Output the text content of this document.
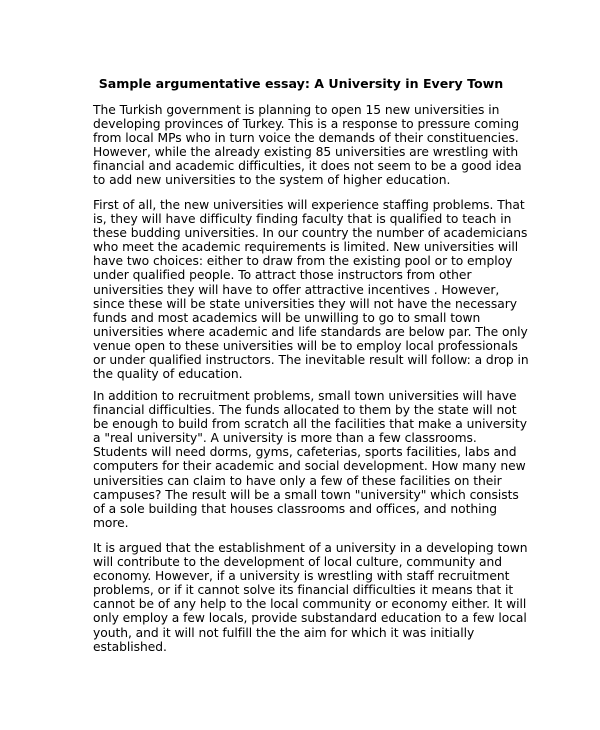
Sample argumentative essay: A University in Every Town
The Turkish government is planning to open 15 new universities in
developing provinces of Turkey. This is a response to pressure coming
from local MPs who in turn voice the demands of their constituencies.
However, while the already existing 85 universities are wrestling with
financial and academic difficulties, it does not seem to be a good idea
to add new universities to the system of higher education.
First of all, the new universities will experience staffing problems. That
is, they will have difficulty finding faculty that is qualified to teach in
these budding universities. In our country the number of academicians
who meet the academic requirements is limited. New universities will
have two choices: either to draw from the existing pool or to employ
under qualified people. To attract those instructors from other
universities they will have to offer attractive incentives . However,
since these will be state universities they will not have the necessary
funds and most academics will be unwilling to go to small town
universities where academic and life standards are below par. The only
venue open to these universities will be to employ local professionals
or under qualified instructors. The inevitable result will follow: a drop in
the quality of education.
In addition to recruitment problems, small town universities will have
financial difficulties. The funds allocated to them by the state will not
be enough to build from scratch all the facilities that make a university
a "real university". A university is more than a few classrooms.
Students will need dorms, gyms, cafeterias, sports facilities, labs and
computers for their academic and social development. How many new
universities can claim to have only a few of these facilities on their
campuses? The result will be a small town "university" which consists
of a sole building that houses classrooms and offices, and nothing
more.
It is argued that the establishment of a university in a developing town
will contribute to the development of local culture, community and
economy. However, if a university is wrestling with staff recruitment
problems, or if it cannot solve its financial difficulties it means that it
cannot be of any help to the local community or economy either. It will
only employ a few locals, provide substandard education to a few local
youth, and it will not fulfill the the aim for which it was initially
established.
